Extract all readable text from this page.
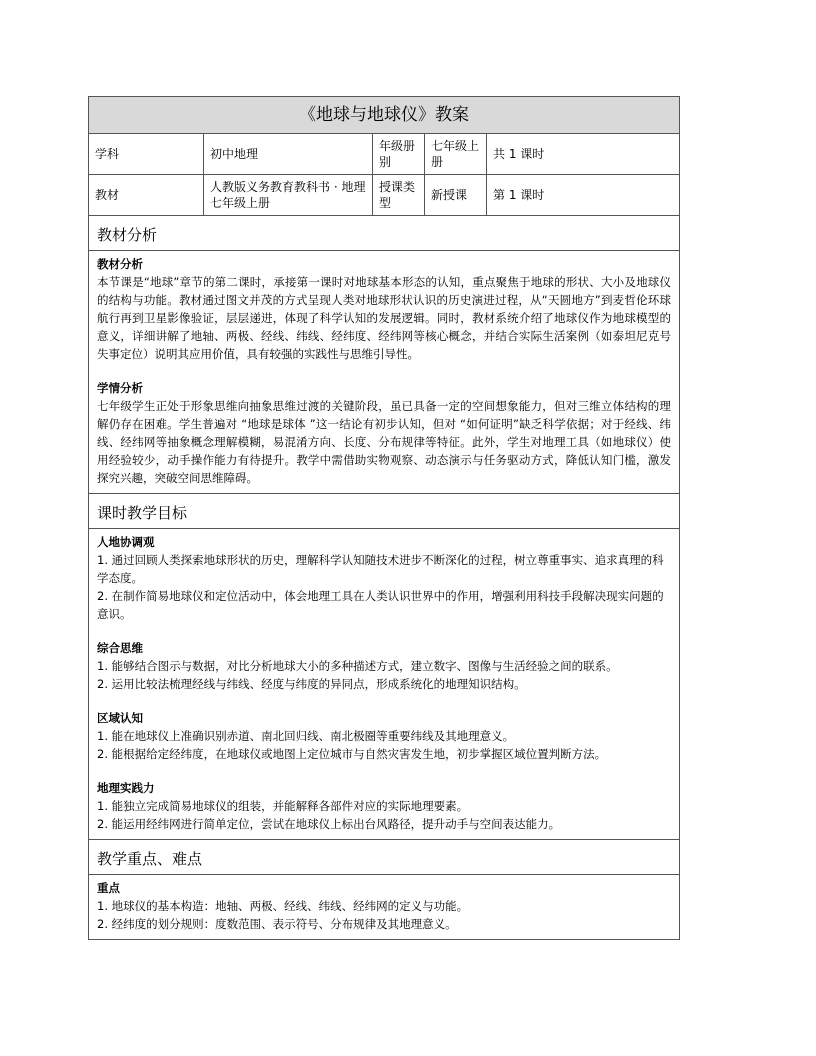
《地球与地球仪》教案
学科	初中地理
年级册别
七年级上册
共 1 课时
教材
人教版义务教育教科书 · 地理七年级上册
授课类型
新授课	第 1 课时
教材分析
教材分析
本节课是“地球”章节的第二课时，承接第一课时对地球基本形态的认知，重点聚焦于地球的形状、大小及地球仪的结构与功能。教材通过图文并茂的方式呈现人类对地球形状认识的历史演进过程，从“天圆地方”到麦哲伦环球航行再到卫星影像验证，层层递进，体现了科学认知的发展逻辑。同时，教材系统介绍了地球仪作为地球模型的意义，详细讲解了地轴、两极、经线、纬线、经纬度、经纬网等核心概念，并结合实际生活案例（如泰坦尼克号失事定位）说明其应用价值，具有较强的实践性与思维引导性。
学情分析
七年级学生正处于形象思维向抽象思维过渡的关键阶段，虽已具备一定的空间想象能力，但对三维立体结构的理解仍存在困难。学生普遍对 “地球是球体 ”这一结论有初步认知，但对 “如何证明”缺乏科学依据；对于经线、纬线、经纬网等抽象概念理解模糊，易混淆方向、长度、分布规律等特征。此外，学生对地理工具（如地球仪）使用经验较少，动手操作能力有待提升。教学中需借助实物观察、动态演示与任务驱动方式，降低认知门槛，激发探究兴趣，突破空间思维障碍。
课时教学目标
人地协调观
1. 通过回顾人类探索地球形状的历史，理解科学认知随技术进步不断深化的过程，树立尊重事实、追求真理的科学态度。
2. 在制作简易地球仪和定位活动中，体会地理工具在人类认识世界中的作用，增强利用科技手段解决现实问题的意识。
综合思维
1. 能够结合图示与数据，对比分析地球大小的多种描述方式，建立数字、图像与生活经验之间的联系。
2. 运用比较法梳理经线与纬线、经度与纬度的异同点，形成系统化的地理知识结构。
区域认知
1. 能在地球仪上准确识别赤道、南北回归线、南北极圈等重要纬线及其地理意义。
2. 能根据给定经纬度，在地球仪或地图上定位城市与自然灾害发生地，初步掌握区域位置判断方法。
地理实践力
1. 能独立完成简易地球仪的组装，并能解释各部件对应的实际地理要素。
2. 能运用经纬网进行简单定位，尝试在地球仪上标出台风路径，提升动手与空间表达能力。
教学重点、难点
重点
1. 地球仪的基本构造：地轴、两极、经线、纬线、经纬网的定义与功能。
2. 经纬度的划分规则：度数范围、表示符号、分布规律及其地理意义。
